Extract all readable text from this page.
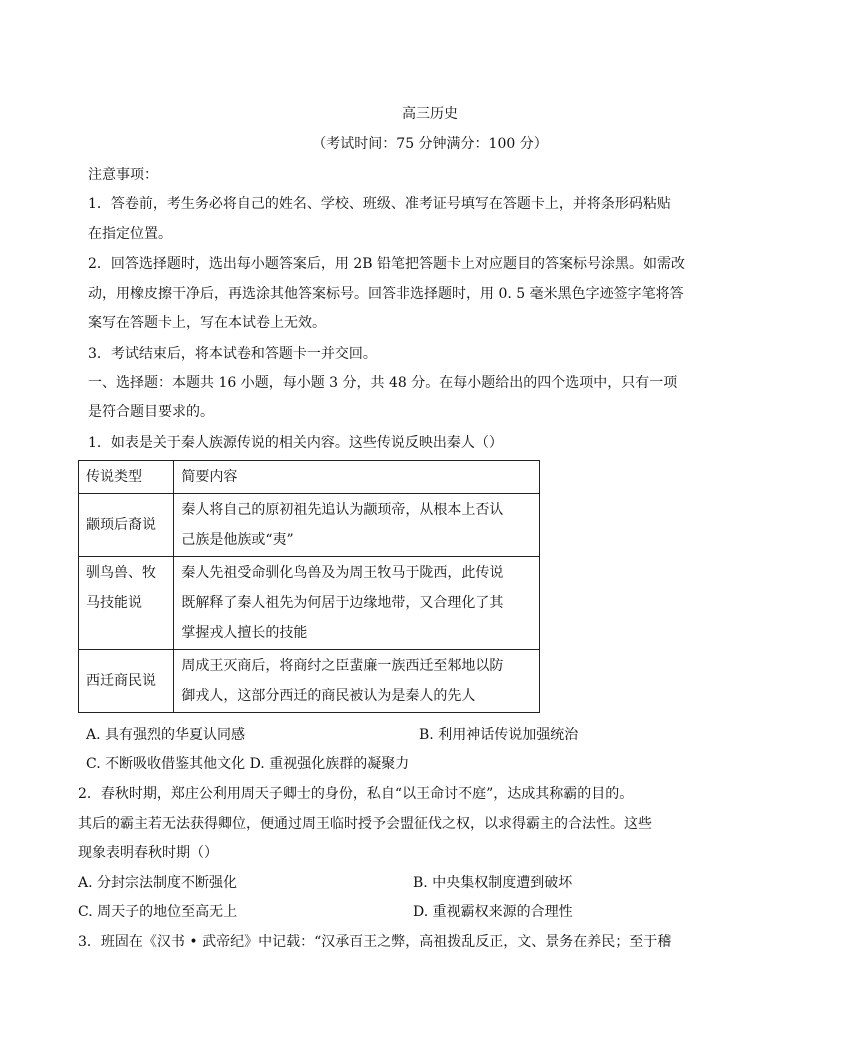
高三历史
（考试时间：75 分钟满分：100 分）
注意事项：
1．答卷前，考生务必将自己的姓名、学校、班级、准考证号填写在答题卡上，并将条形码粘贴
在指定位置。
2．回答选择题时，选出每小题答案后，用 2B 铅笔把答题卡上对应题目的答案标号涂黑。如需改
动，用橡皮擦干净后，再选涂其他答案标号。回答非选择题时，用 0. 5 毫米黑色字迹签字笔将答
案写在答题卡上，写在本试卷上无效。
3．考试结束后，将本试卷和答题卡一并交回。
一、选择题：本题共 16 小题，每小题 3 分，共 48 分。在每小题给出的四个选项中，只有一项
是符合题目要求的。
1．如表是关于秦人族源传说的相关内容。这些传说反映出秦人（）
传说类型	简要内容
颛顼后裔说	秦人将自己的原初祖先追认为颛顼帝，从根本上否认
己族是他族或“夷”
驯鸟兽、牧
马技能说	秦人先祖受命驯化鸟兽及为周王牧马于陇西，此传说
既解释了秦人祖先为何居于边缘地带，又合理化了其
掌握戎人擅长的技能
西迁商民说	周成王灭商后，将商纣之臣蜚廉一族西迁至邾地以防
御戎人，这部分西迁的商民被认为是秦人的先人
A. 具有强烈的华夏认同感	B. 利用神话传说加强统治
C. 不断吸收借鉴其他文化 D. 重视强化族群的凝聚力
2．春秋时期，郑庄公利用周天子卿士的身份，私自“以王命讨不庭”，达成其称霸的目的。
其后的霸主若无法获得卿位，便通过周王临时授予会盟征伐之权，以求得霸主的合法性。这些
现象表明春秋时期（）
A. 分封宗法制度不断强化	B. 中央集权制度遭到破坏
C. 周天子的地位至高无上	D. 重视霸权来源的合理性
3．班固在《汉书 • 武帝纪》中记载：“汉承百王之弊，高祖拨乱反正，文、景务在养民；至于稽
